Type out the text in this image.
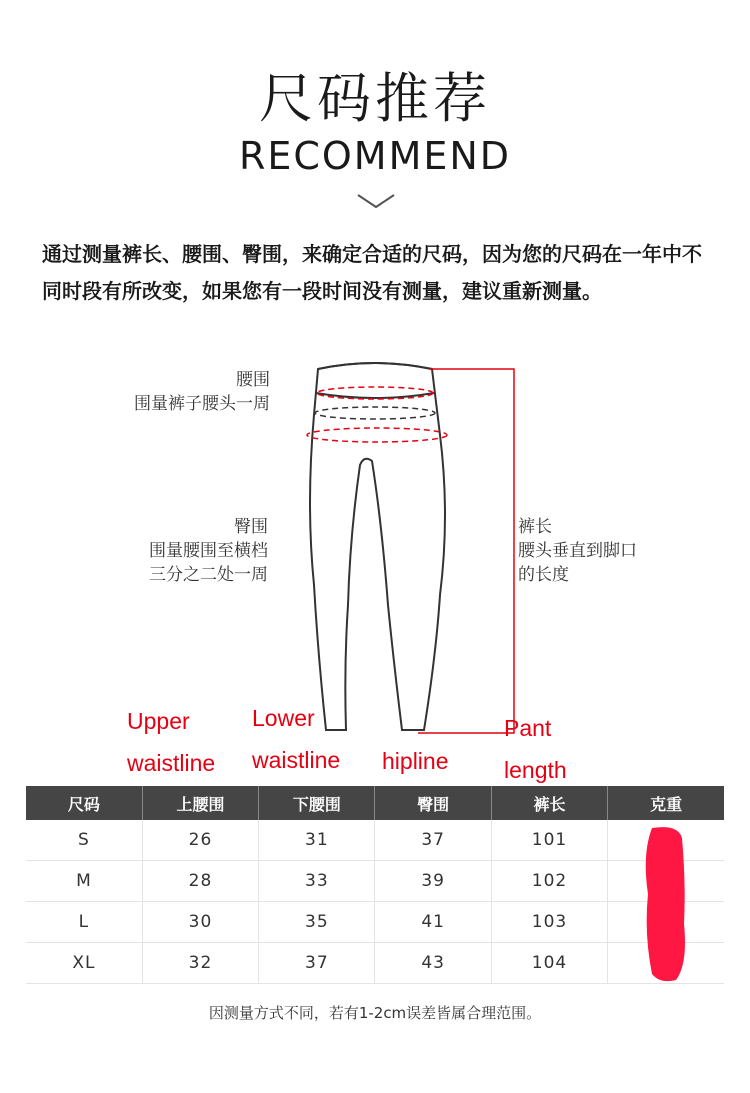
尺码推荐
RECOMMEND
通过测量裤长、腰围、臀围，来确定合适的尺码，因为您的尺码在一年中不同时段有所改变，如果您有一段时间没有测量，建议重新测量。
腰围
围量裤子腰头一周
臀围
围量腰围至横档
三分之二处一周
裤长
腰头垂直到脚口
的长度
Upper
waistline
Lower
waistline hipline
Pant
length
尺码	上腰围	下腰围	臀围	裤长	克重
S	26	31	37	101	
M	28	33	39	102	
L	30	35	41	103	
XL	32	37	43	104	
因测量方式不同，若有1-2cm误差皆属合理范围。
